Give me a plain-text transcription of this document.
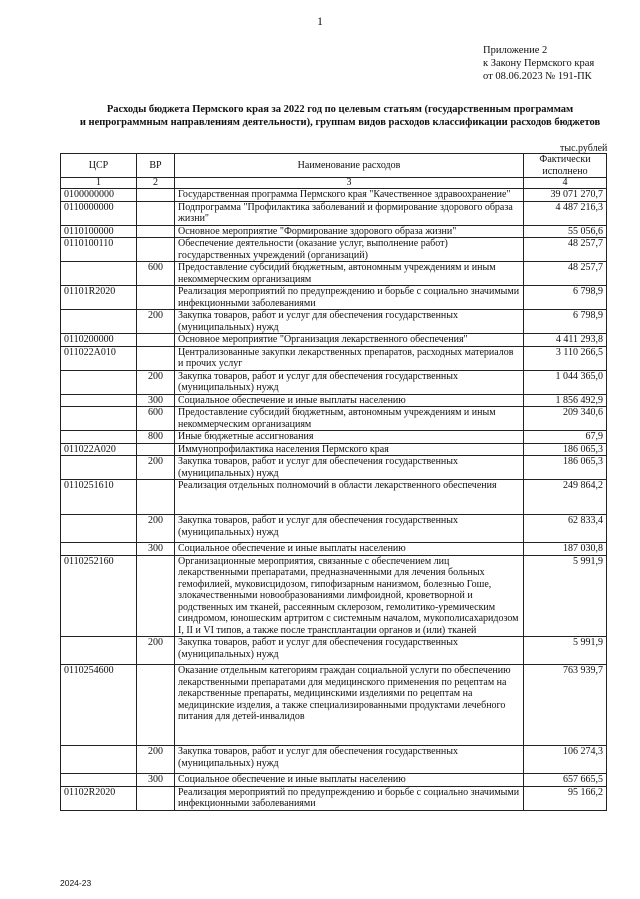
1
Приложение 2
к Закону Пермского края
от 08.06.2023 № 191-ПК
Расходы бюджета Пермского края за 2022 год по целевым статьям (государственным программам
и непрограммным направлениям деятельности), группам видов расходов классификации расходов бюджетов
тыс.рублей
ЦСР	ВР	Наименование расходов	Фактически исполнено
1	2	3	4
0100000000		Государственная программа Пермского края "Качественное здравоохранение"	39 071 270,7
0110000000		Подпрограмма "Профилактика заболеваний и формирование здорового образа жизни"	4 487 216,3
0110100000		Основное мероприятие "Формирование здорового образа жизни"	55 056,6
0110100110		Обеспечение деятельности (оказание услуг, выполнение работ) государственных учреждений (организаций)	48 257,7
	600	Предоставление субсидий бюджетным, автономным учреждениям и иным некоммерческим организациям	48 257,7
01101R2020		Реализация мероприятий по предупреждению и борьбе с социально значимыми инфекционными заболеваниями	6 798,9
	200	Закупка товаров, работ и услуг для обеспечения государственных (муниципальных) нужд	6 798,9
0110200000		Основное мероприятие "Организация лекарственного обеспечения"	4 411 293,8
011022А010		Централизованные закупки лекарственных препаратов, расходных материалов и прочих услуг	3 110 266,5
	200	Закупка товаров, работ и услуг для обеспечения государственных (муниципальных) нужд	1 044 365,0
	300	Социальное обеспечение и иные выплаты населению	1 856 492,9
	600	Предоставление субсидий бюджетным, автономным учреждениям и иным некоммерческим организациям	209 340,6
	800	Иные бюджетные ассигнования	67,9
011022А020		Иммунопрофилактика населения Пермского края	186 065,3
	200	Закупка товаров, работ и услуг для обеспечения государственных (муниципальных) нужд	186 065,3
0110251610		Реализация отдельных полномочий в области лекарственного обеспечения	249 864,2
	200	Закупка товаров, работ и услуг для обеспечения государственных (муниципальных) нужд	62 833,4
	300	Социальное обеспечение и иные выплаты населению	187 030,8
0110252160		Организационные мероприятия, связанные с обеспечением лиц лекарственными препаратами, предназначенными для лечения больных гемофилией, муковисцидозом, гипофизарным нанизмом, болезнью Гоше, злокачественными новообразованиями лимфоидной, кроветворной и родственных им тканей, рассеянным склерозом, гемолитико-уремическим синдромом, юношеским артритом с системным началом, мукополисахаридозом I, II и VI типов, а также после трансплантации органов и (или) тканей	5 991,9
	200	Закупка товаров, работ и услуг для обеспечения государственных (муниципальных) нужд	5 991,9
0110254600		Оказание отдельным категориям граждан социальной услуги по обеспечению лекарственными препаратами для медицинского применения по рецептам на лекарственные препараты, медицинскими изделиями по рецептам на медицинские изделия, а также специализированными продуктами лечебного питания для детей-инвалидов	763 939,7
	200	Закупка товаров, работ и услуг для обеспечения государственных (муниципальных) нужд	106 274,3
	300	Социальное обеспечение и иные выплаты населению	657 665,5
01102R2020		Реализация мероприятий по предупреждению и борьбе с социально значимыми инфекционными заболеваниями	95 166,2
2024-23
